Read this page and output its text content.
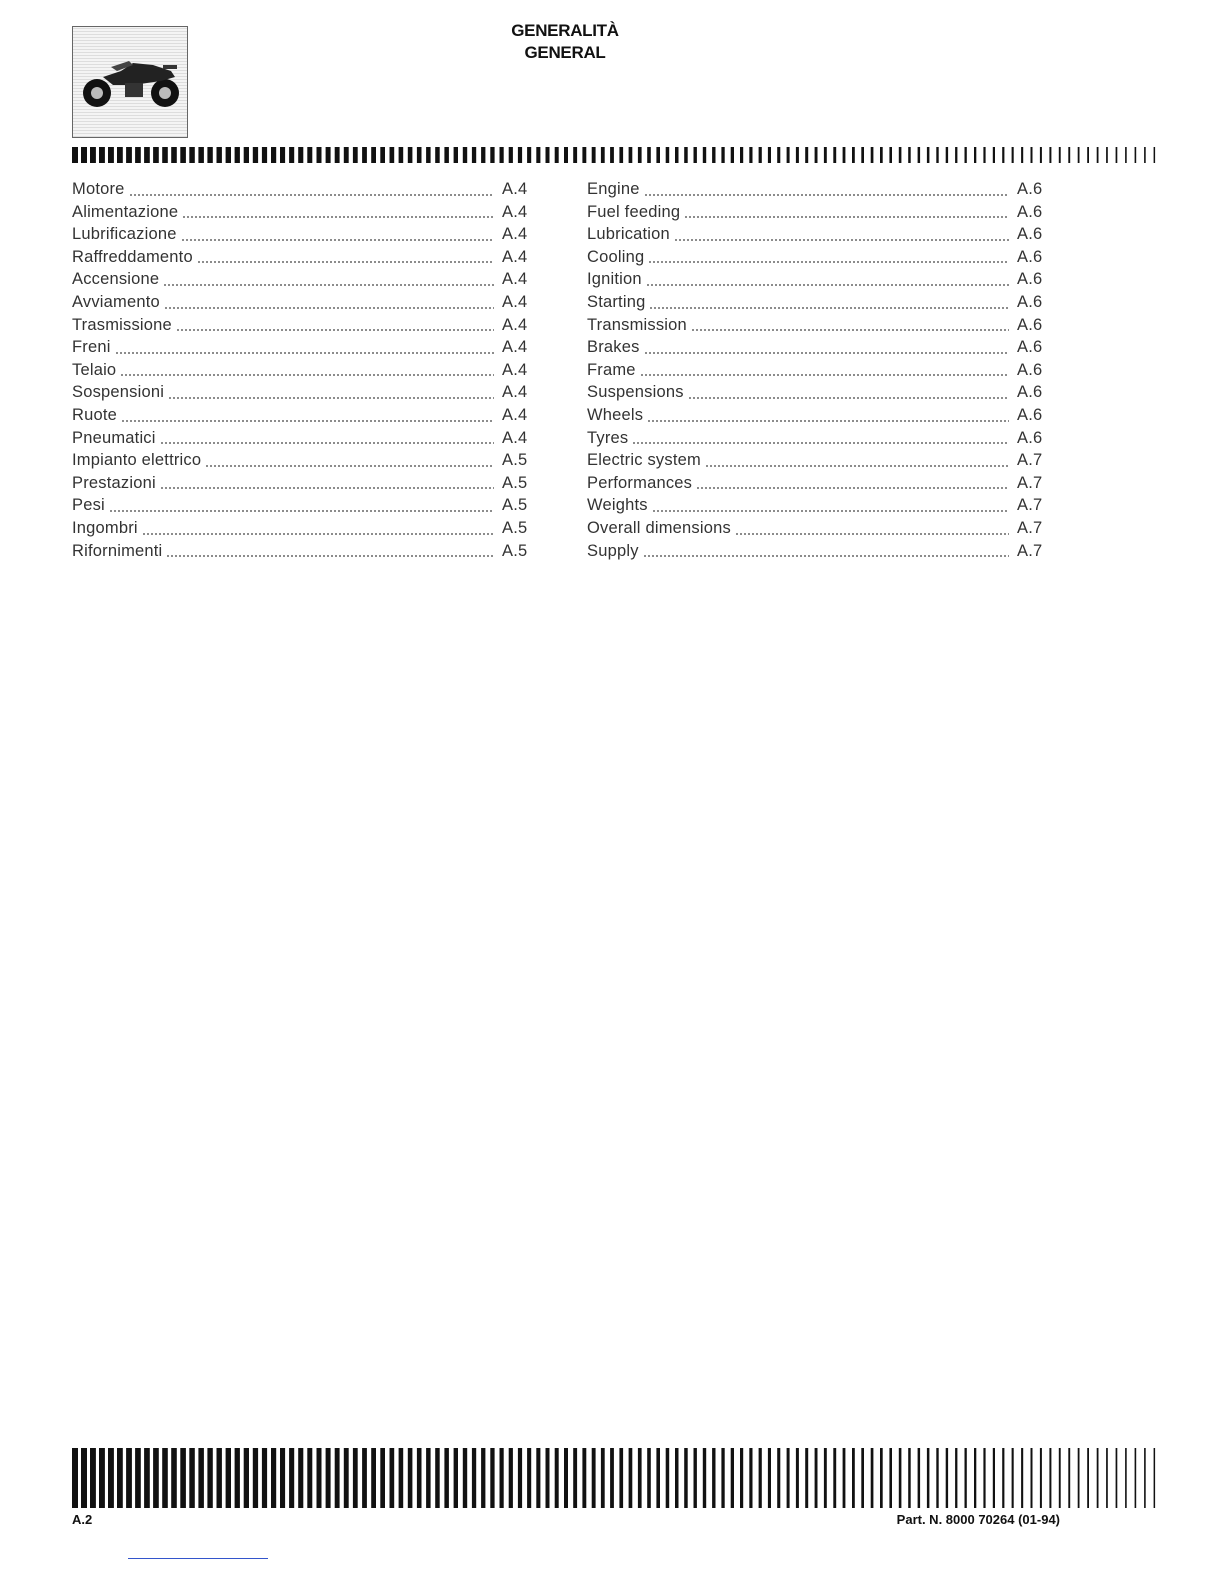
GENERALITÀ
GENERAL
Motore	A.4
Alimentazione	A.4
Lubrificazione	A.4
Raffreddamento	A.4
Accensione	A.4
Avviamento	A.4
Trasmissione	A.4
Freni	A.4
Telaio	A.4
Sospensioni	A.4
Ruote	A.4
Pneumatici	A.4
Impianto elettrico	A.5
Prestazioni	A.5
Pesi	A.5
Ingombri	A.5
Rifornimenti	A.5
Engine	A.6
Fuel feeding	A.6
Lubrication	A.6
Cooling	A.6
Ignition	A.6
Starting	A.6
Transmission	A.6
Brakes	A.6
Frame	A.6
Suspensions	A.6
Wheels	A.6
Tyres	A.6
Electric system	A.7
Performances	A.7
Weights	A.7
Overall dimensions	A.7
Supply	A.7
A.2	Part. N. 8000 70264 (01-94)
